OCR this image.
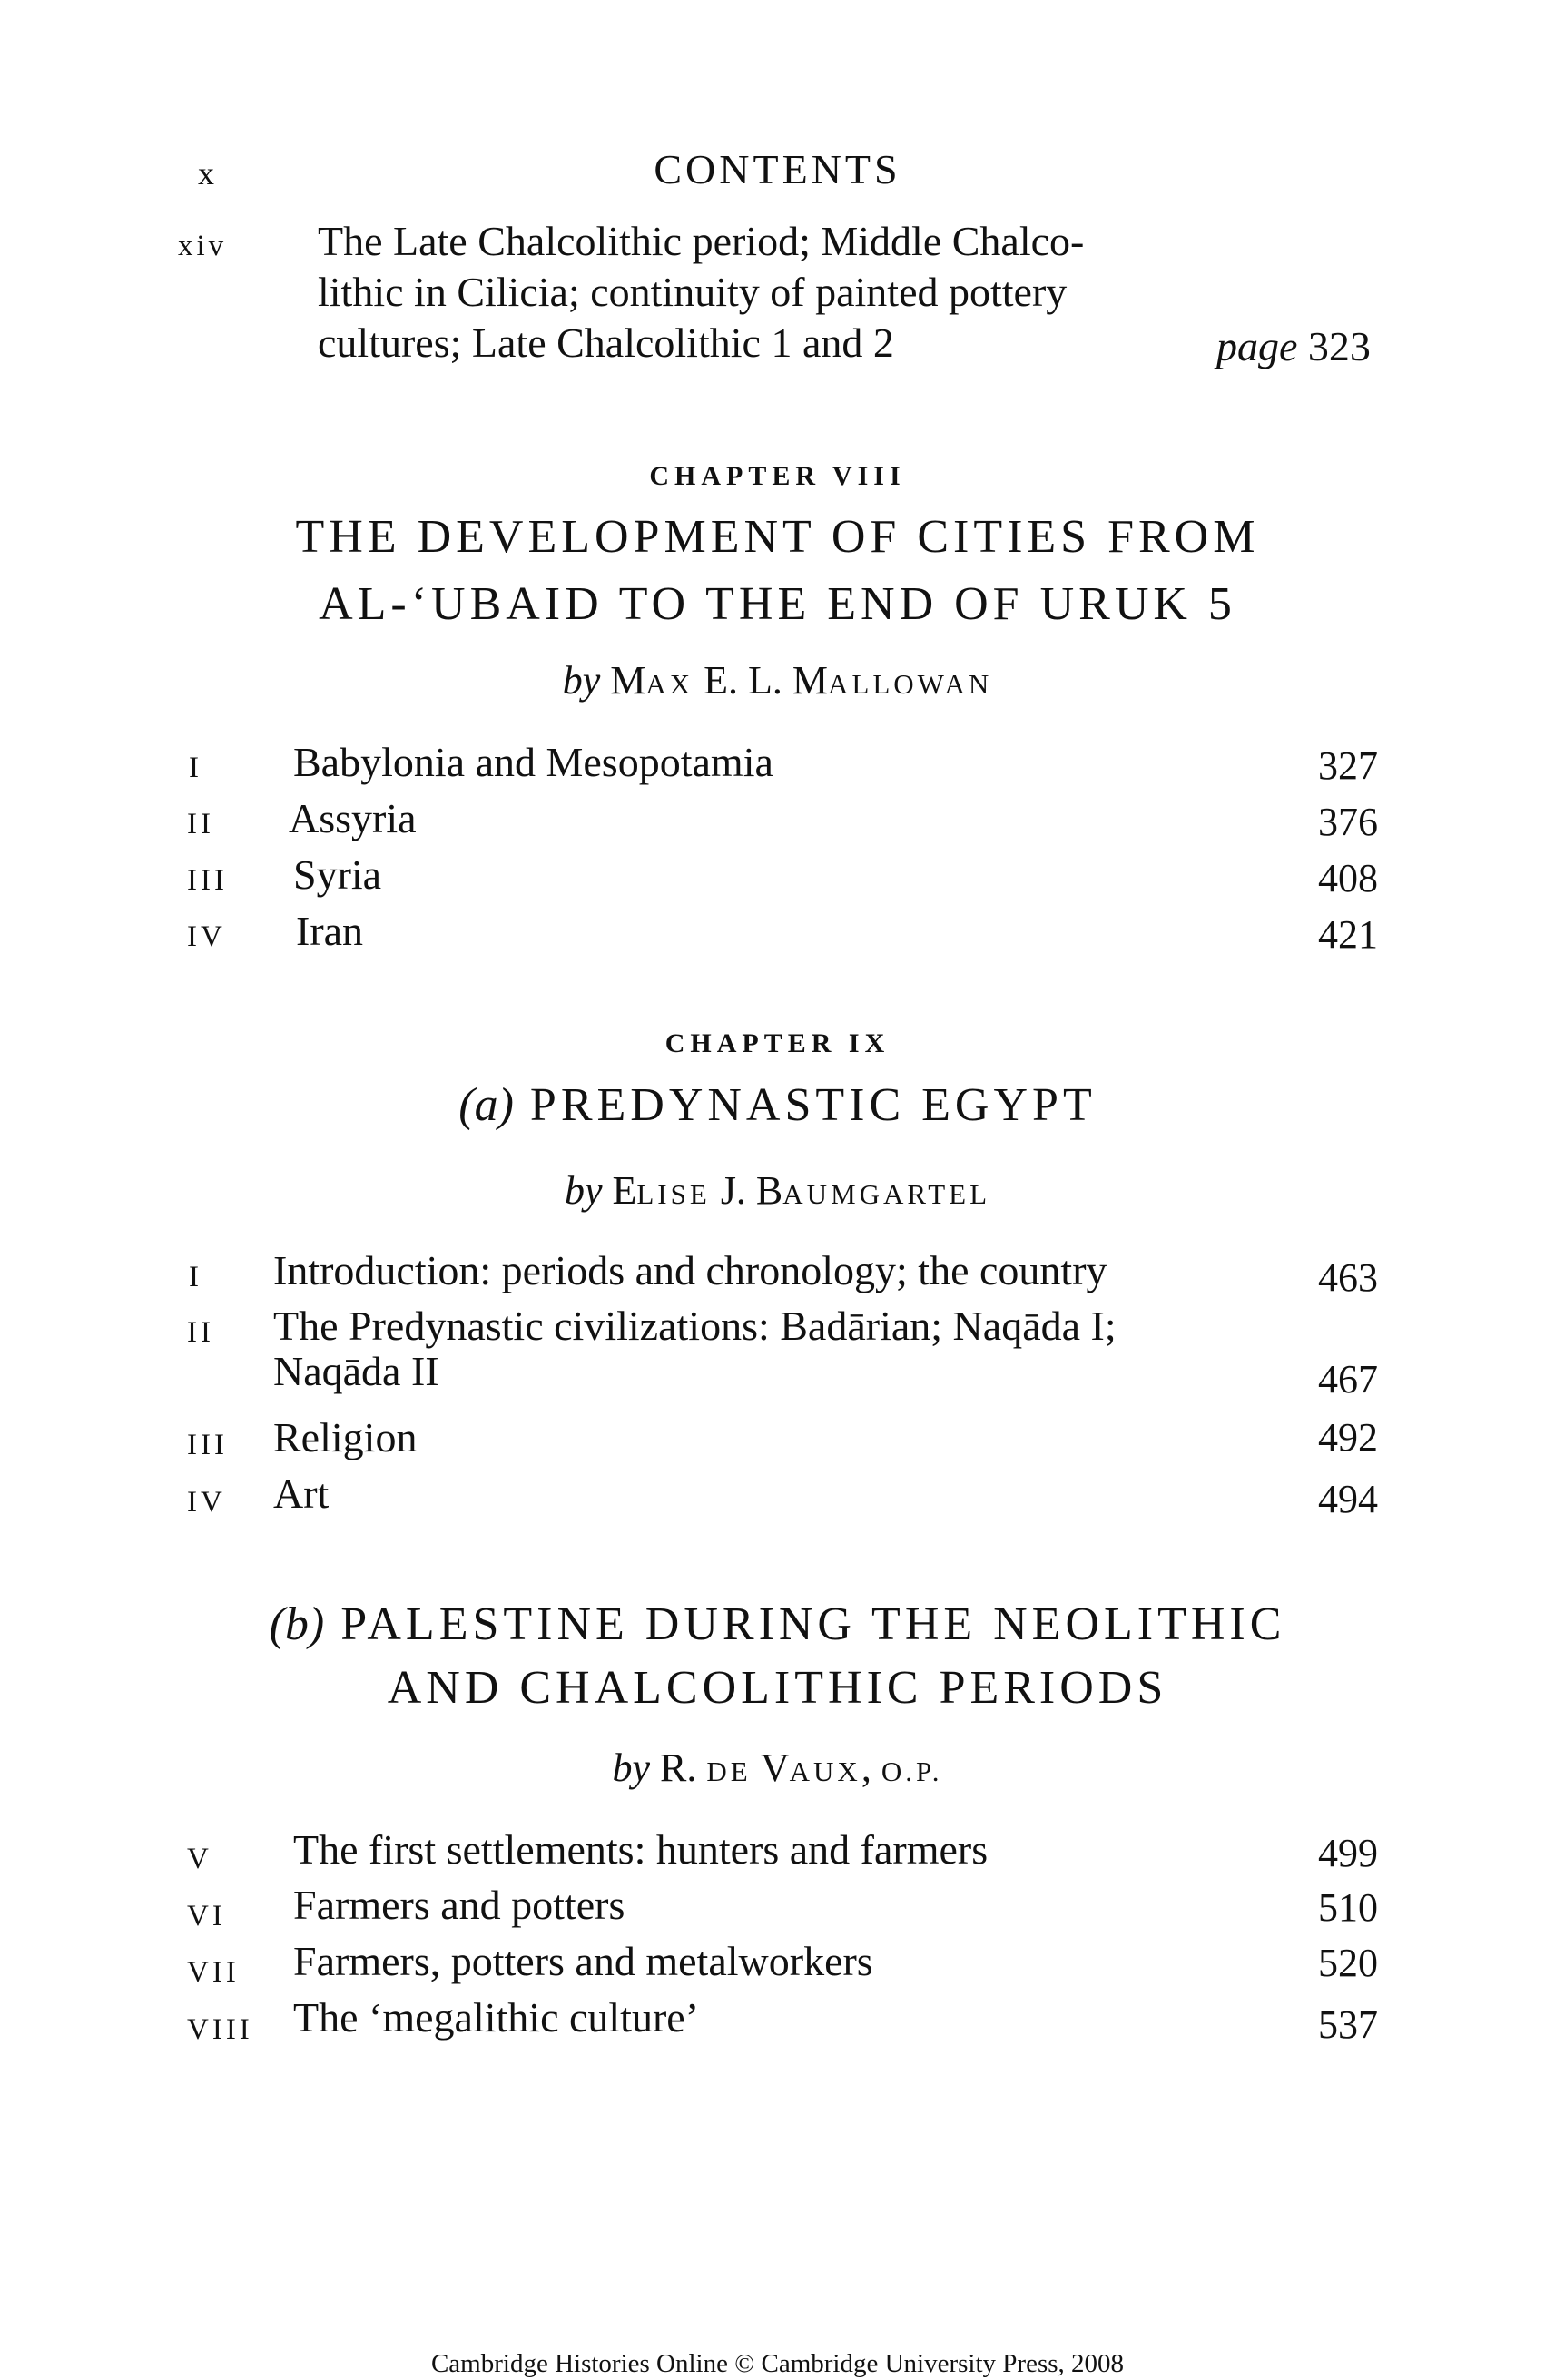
x	CONTENTS
xiv The Late Chalcolithic period; Middle Chalco-
lithic in Cilicia; continuity of painted pottery
cultures; Late Chalcolithic 1 and 2	page 323
CHAPTER VIII
THE DEVELOPMENT OF CITIES FROM
AL-‘UBAID TO THE END OF URUK 5
by MAX E. L. MALLOWAN
I Babylonia and Mesopotamia	327
II Assyria	376
III Syria	408
IV Iran	421
CHAPTER IX
(a) PREDYNASTIC EGYPT
by ELISE J. BAUMGARTEL
I Introduction: periods and chronology; the country	463
II The Predynastic civilizations: Badārian; Naqāda I;
Naqāda II	467
III Religion	492
IV Art	494
(b) PALESTINE DURING THE NEOLITHIC
AND CHALCOLITHIC PERIODS
by R. DE VAUX, O.P.
V The first settlements: hunters and farmers	499
VI Farmers and potters	510
VII Farmers, potters and metalworkers	520
VIII The ‘megalithic culture’	537
Cambridge Histories Online © Cambridge University Press, 2008
